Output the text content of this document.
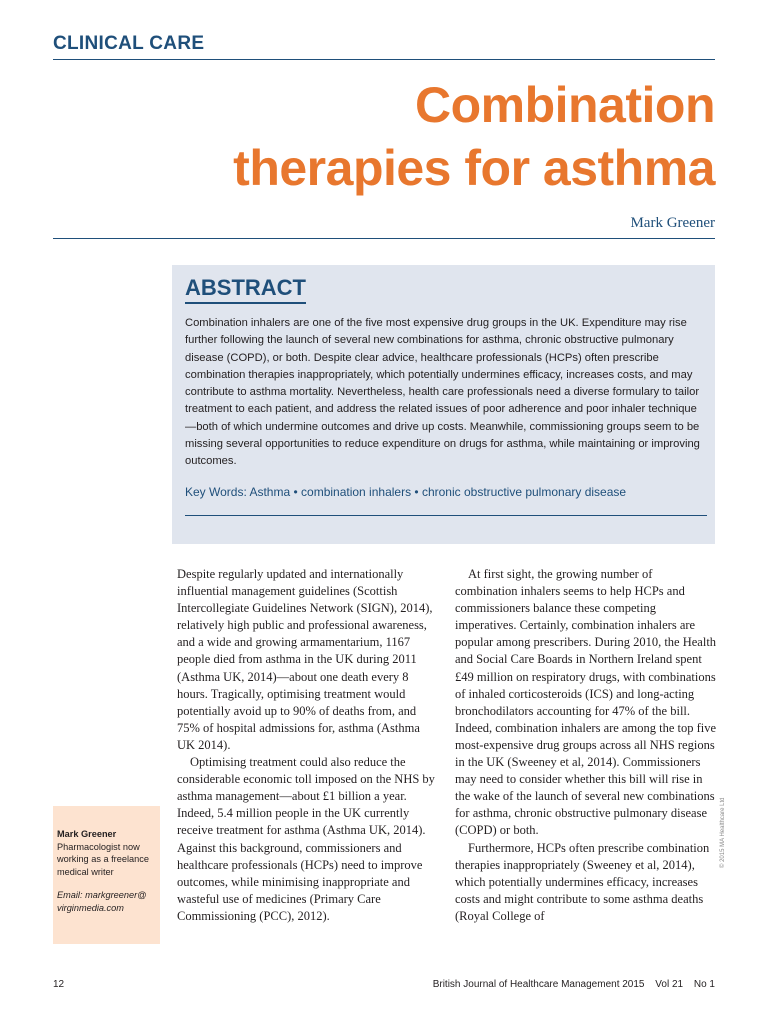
CLINICAL CARE
Combination
therapies for asthma
Mark Greener
ABSTRACT
Combination inhalers are one of the five most expensive drug groups in the UK. Expenditure may rise further following the launch of several new combinations for asthma, chronic obstructive pulmonary disease (COPD), or both. Despite clear advice, healthcare professionals (HCPs) often prescribe combination therapies inappropriately, which potentially undermines efficacy, increases costs, and may contribute to asthma mortality. Nevertheless, health care professionals need a diverse formulary to tailor treatment to each patient, and address the related issues of poor adherence and poor inhaler technique—both of which undermine outcomes and drive up costs. Meanwhile, commissioning groups seem to be missing several opportunities to reduce expenditure on drugs for asthma, while maintaining or improving outcomes.
Key Words: Asthma • combination inhalers • chronic obstructive pulmonary disease

Despite regularly updated and internationally influential management guidelines (Scottish Intercollegiate Guidelines Network (SIGN), 2014), relatively high public and professional awareness, and a wide and growing armamentarium, 1167 people died from asthma in the UK during 2011 (Asthma UK, 2014)—about one death every 8 hours. Tragically, optimising treatment would potentially avoid up to 90% of deaths from, and 75% of hospital admissions for, asthma (Asthma UK 2014).

Optimising treatment could also reduce the considerable economic toll imposed on the NHS by asthma management—about £1 billion a year. Indeed, 5.4 million people in the UK currently receive treatment for asthma (Asthma UK, 2014). Against this background, commissioners and healthcare professionals (HCPs) need to improve outcomes, while minimising inappropriate and wasteful use of medicines (Primary Care Commissioning (PCC), 2012).

At first sight, the growing number of combination inhalers seems to help HCPs and commissioners balance these competing imperatives. Certainly, combination inhalers are popular among prescribers. During 2010, the Health and Social Care Boards in Northern Ireland spent £49 million on respiratory drugs, with combinations of inhaled corticosteroids (ICS) and long-acting bronchodilators accounting for 47% of the bill. Indeed, combination inhalers are among the top five most-expensive drug groups across all NHS regions in the UK (Sweeney et al, 2014). Commissioners may need to consider whether this bill will rise in the wake of the launch of several new combinations for asthma, chronic obstructive pulmonary disease (COPD) or both.

Furthermore, HCPs often prescribe combination therapies inappropriately (Sweeney et al, 2014), which potentially undermines efficacy, increases costs and might contribute to some asthma deaths (Royal College of

Mark Greener
Pharmacologist now working as a freelance medical writer
Email: markgreener@ virginmedia.com
© 2015 MA Healthcare Ltd
12	British Journal of Healthcare Management 2015 Vol 21 No 1
